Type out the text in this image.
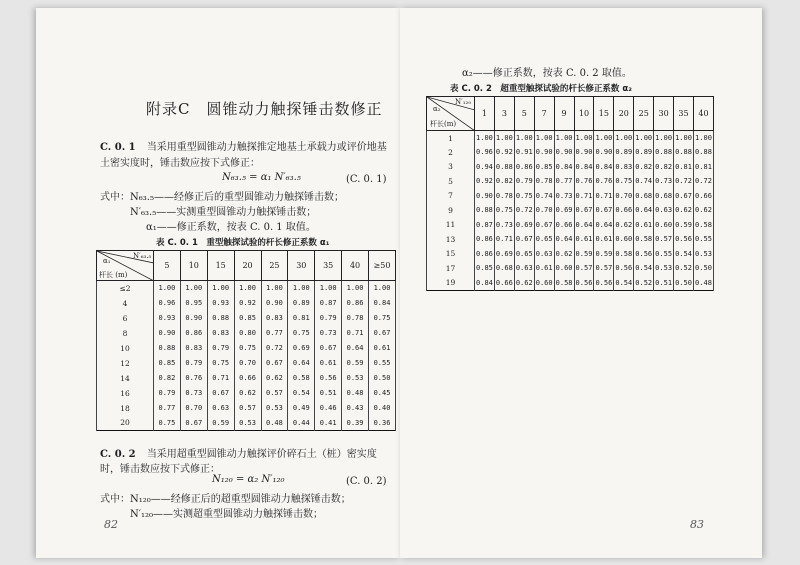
附录C　圆锥动力触探锤击数修正
C. 0. 1 当采用重型圆锥动力触探推定地基土承载力或评价地基
土密实度时，锤击数应按下式修正：
N₆₃.₅ = α₁ N′₆₃.₅	(C. 0. 1)
式中： N₆₃.₅——经修正后的重型圆锥动力触探锤击数；
N′₆₃.₅——实测重型圆锥动力触探锤击数；
α₁——修正系数，按表 C. 0. 1 取值。
表 C. 0. 1　重型触探试验的杆长修正系数 α₁
N′₆₃.₅
α₁
杆长 (m)	5	10	15	20	25	30	35	40	≥50
≤2	1.00	1.00	1.00	1.00	1.00	1.00	1.00	1.00	1.00
4	0.96	0.95	0.93	0.92	0.90	0.89	0.87	0.86	0.84
6	0.93	0.90	0.88	0.85	0.83	0.81	0.79	0.78	0.75
8	0.90	0.86	0.83	0.80	0.77	0.75	0.73	0.71	0.67
10	0.88	0.83	0.79	0.75	0.72	0.69	0.67	0.64	0.61
12	0.85	0.79	0.75	0.70	0.67	0.64	0.61	0.59	0.55
14	0.82	0.76	0.71	0.66	0.62	0.58	0.56	0.53	0.50
16	0.79	0.73	0.67	0.62	0.57	0.54	0.51	0.48	0.45
18	0.77	0.70	0.63	0.57	0.53	0.49	0.46	0.43	0.40
20	0.75	0.67	0.59	0.53	0.48	0.44	0.41	0.39	0.36
C. 0. 2 当采用超重型圆锥动力触探评价碎石土（桩）密实度
时，锤击数应按下式修正：
N₁₂₀ = α₂ N′₁₂₀	(C. 0. 2)
式中： N₁₂₀——经修正后的超重型圆锥动力触探锤击数；
N′₁₂₀——实测超重型圆锥动力触探锤击数；
82
α₂——修正系数，按表 C. 0. 2 取值。
表 C. 0. 2　超重型触探试验的杆长修正系数 α₂
N′₁₂₀
α₂
杆长(m)	1	3	5	7	9	10	15	20	25	30	35	40
1	1.00	1.00	1.00	1.00	1.00	1.00	1.00	1.00	1.00	1.00	1.00	1.00
2	0.96	0.92	0.91	0.90	0.90	0.90	0.90	0.89	0.89	0.88	0.88	0.88
3	0.94	0.88	0.86	0.85	0.84	0.84	0.84	0.83	0.82	0.82	0.81	0.81
5	0.92	0.82	0.79	0.78	0.77	0.76	0.76	0.75	0.74	0.73	0.72	0.72
7	0.90	0.78	0.75	0.74	0.73	0.71	0.71	0.70	0.68	0.68	0.67	0.66
9	0.88	0.75	0.72	0.70	0.69	0.67	0.67	0.66	0.64	0.63	0.62	0.62
11	0.87	0.73	0.69	0.67	0.66	0.64	0.64	0.62	0.61	0.60	0.59	0.58
13	0.86	0.71	0.67	0.65	0.64	0.61	0.61	0.60	0.58	0.57	0.56	0.55
15	0.86	0.69	0.65	0.63	0.62	0.59	0.59	0.58	0.56	0.55	0.54	0.53
17	0.85	0.68	0.63	0.61	0.60	0.57	0.57	0.56	0.54	0.53	0.52	0.50
19	0.84	0.66	0.62	0.60	0.58	0.56	0.56	0.54	0.52	0.51	0.50	0.48
83
